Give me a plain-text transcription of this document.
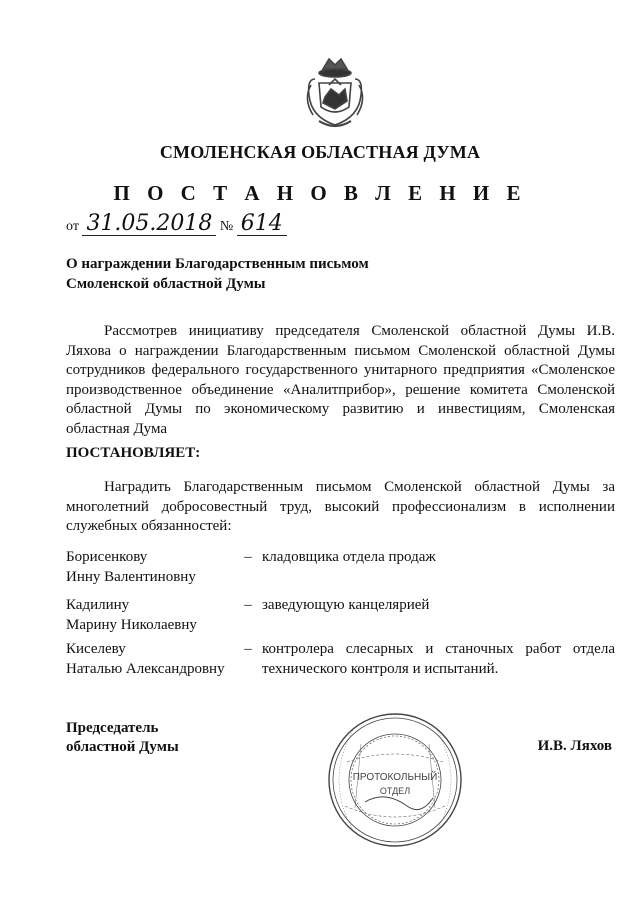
СМОЛЕНСКАЯ ОБЛАСТНАЯ ДУМА
П О С Т А Н О В Л Е Н И Е
от 31.05.2018 № 614
О награждении Благодарственным письмом
Смоленской областной Думы

Рассмотрев инициативу председателя Смоленской областной Думы И.В. Ляхова о награждении Благодарственным письмом Смоленской областной Думы сотрудников федерального государственного унитарного предприятия «Смоленское производственное объединение «Аналитприбор», решение комитета Смоленской областной Думы по экономическому развитию и инвестициям, Смоленская областная Дума

ПОСТАНОВЛЯЕТ:

Наградить Благодарственным письмом Смоленской областной Думы за многолетний добросовестный труд, высокий профессионализм в исполнении служебных обязанностей:

Борисенкову
Инну Валентиновну
– кладовщика отдела продаж
Кадилину
Марину Николаевну
– заведующую канцелярией
Киселеву
Наталью Александровну
– контролера слесарных и станочных работ отдела технического контроля и испытаний.
Председатель
областной Думы
ПРОТОКОЛЬНЫЙ
ОТДЕЛ
И.В. Ляхов
